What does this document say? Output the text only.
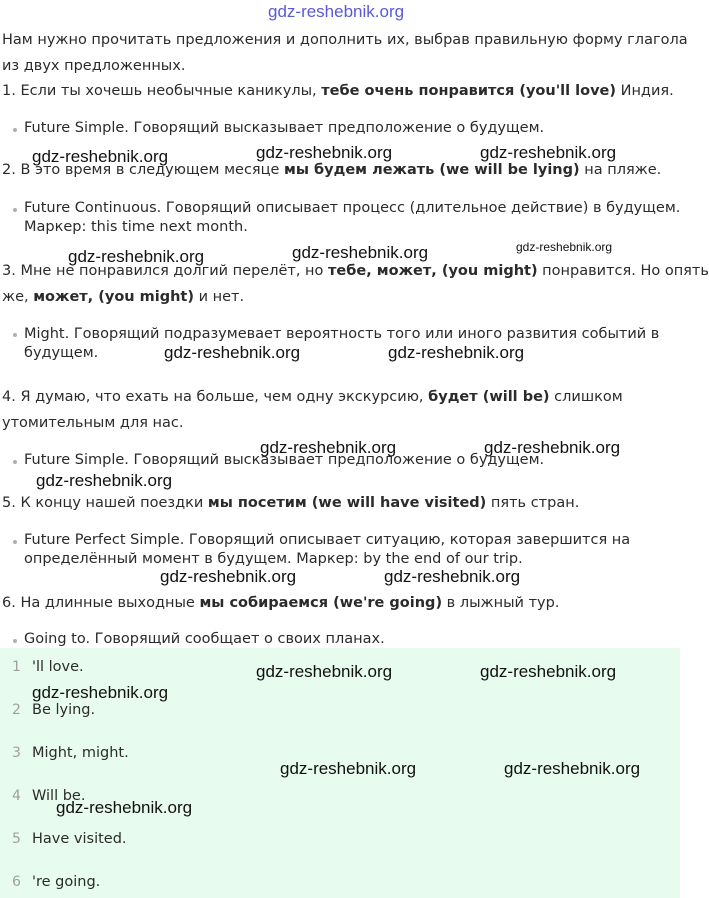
gdz-reshebnik.org
Нам нужно прочитать предложения и дополнить их, выбрав правильную форму глагола
из двух предложенных.
1. Если ты хочешь необычные каникулы, тебе очень понравится (you'll love) Индия.
Future Simple. Говорящий высказывает предположение о будущем.
2. В это время в следующем месяце мы будем лежать (we will be lying) на пляже.
Future Continuous. Говорящий описывает процесс (длительное действие) в будущем.
Маркер: this time next month.
3. Мне не понравился долгий перелёт, но тебе, может, (you might) понравится. Но опять
же, может, (you might) и нет.
Might. Говорящий подразумевает вероятность того или иного развития событий в
будущем.
4. Я думаю, что ехать на больше, чем одну экскурсию, будет (will be) слишком
утомительным для нас.
Future Simple. Говорящий высказывает предположение о будущем.
5. К концу нашей поездки мы посетим (we will have visited) пять стран.
Future Perfect Simple. Говорящий описывает ситуацию, которая завершится на
определённый момент в будущем. Маркер: by the end of our trip.
6. На длинные выходные мы собираемся (we're going) в лыжный тур.
Going to. Говорящий сообщает о своих планах.
1 'll love.
2 Be lying.
3 Might, might.
4 Will be.
5 Have visited.
6 're going.
gdz-reshebnik.org	gdz-reshebnik.org	gdz-reshebnik.org
gdz-reshebnik.org	gdz-reshebnik.org	gdz-reshebnik.org
gdz-reshebnik.org	gdz-reshebnik.org
gdz-reshebnik.org	gdz-reshebnik.org
gdz-reshebnik.org
gdz-reshebnik.org	gdz-reshebnik.org
gdz-reshebnik.org	gdz-reshebnik.org
gdz-reshebnik.org
gdz-reshebnik.org	gdz-reshebnik.org
gdz-reshebnik.org
